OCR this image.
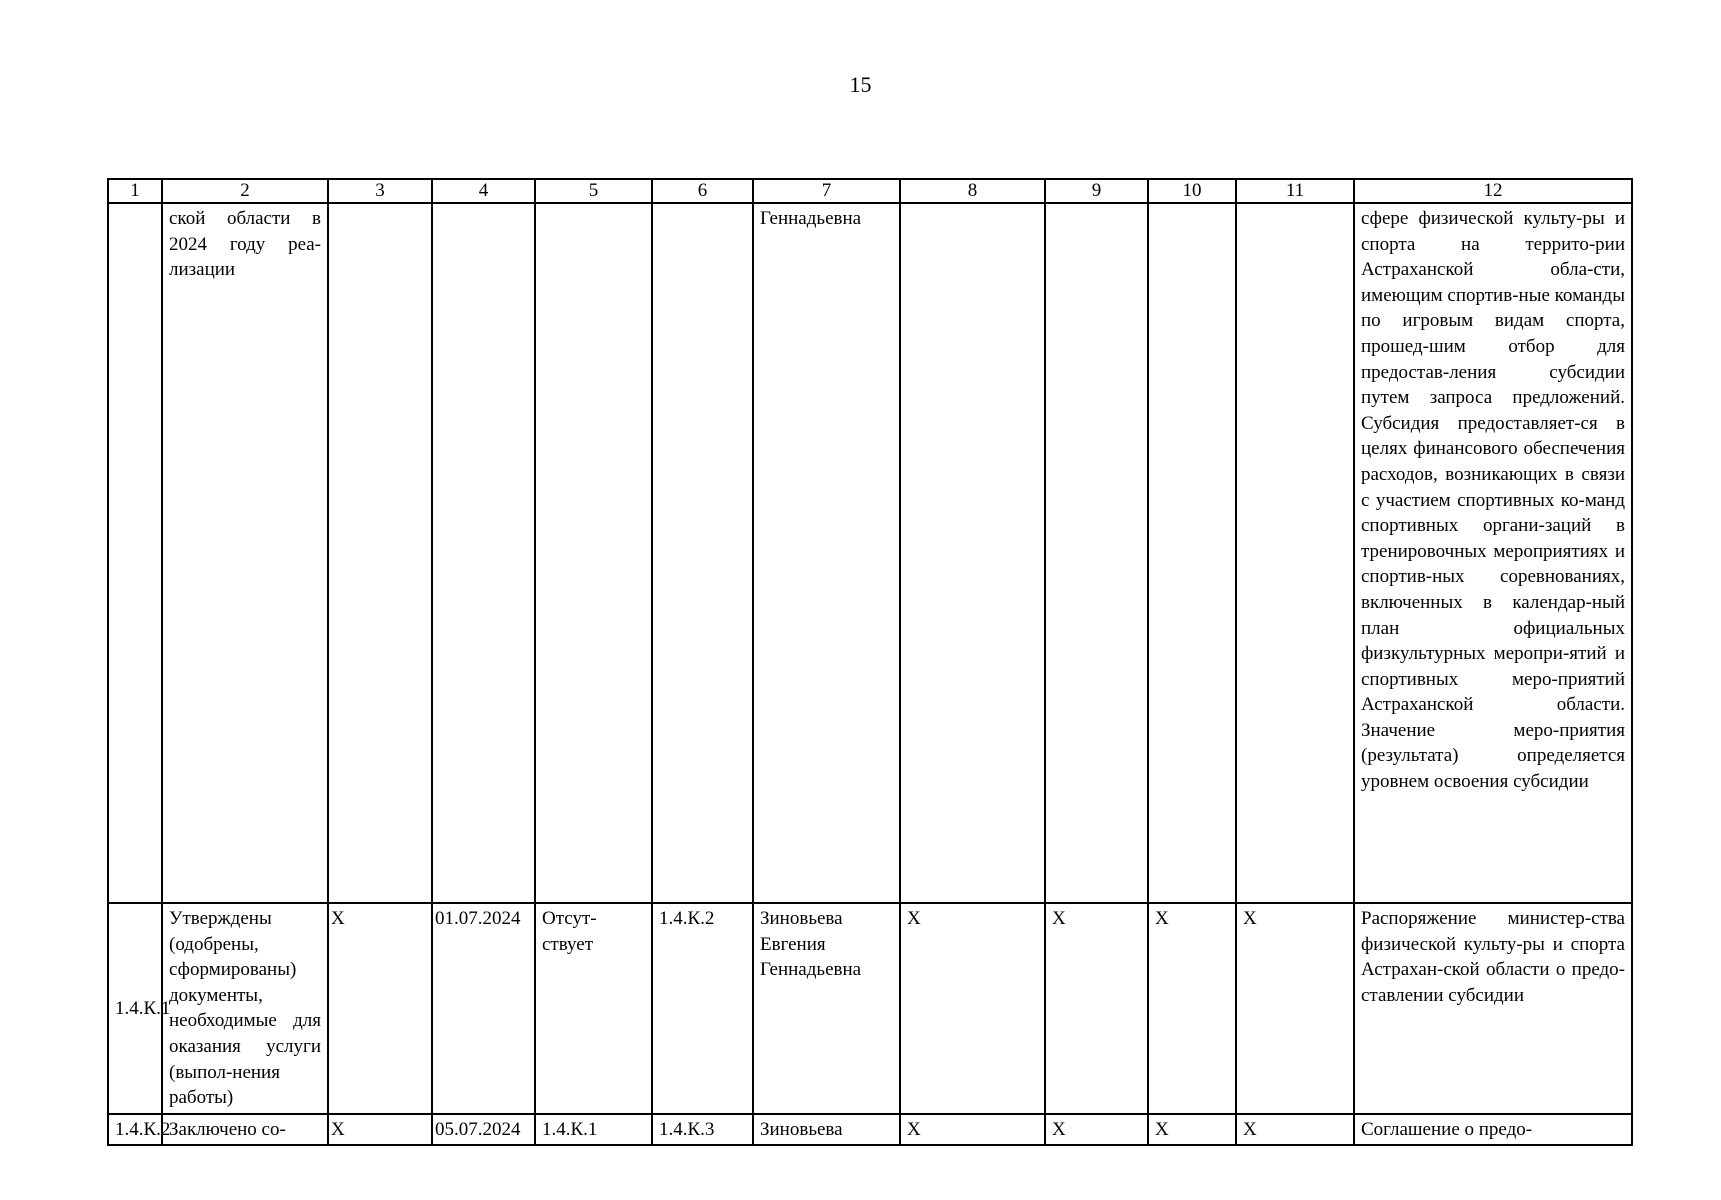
15
1	2	3	4	5	6	7	8	9	10	11	12
	ской области в 2024 году реа-лизации					Геннадьевна					сфере физической культу-ры и спорта на террито-рии Астраханской обла-сти, имеющим спортив-ные команды по игровым видам спорта, прошед-шим отбор для предостав-ления субсидии путем запроса предложений. Субсидия предоставляет-ся в целях финансового обеспечения расходов, возникающих в связи с участием спортивных ко-манд спортивных органи-заций в тренировочных мероприятиях и спортив-ных соревнованиях, включенных в календар-ный план официальных физкультурных меропри-ятий и спортивных меро-приятий Астраханской области. Значение меро-приятия (результата) определяется уровнем освоения субсидии
1.4.К.1	Утверждены (одобрены, сформированы) документы, необходимые для оказания услуги (выпол-нения работы)	X	01.07.2024	Отсут-ствует	1.4.К.2	Зиновьева Евгения Геннадьевна	X	X	X	X	Распоряжение министер-ства физической культу-ры и спорта Астрахан-ской области о предо-ставлении субсидии
1.4.К.2	Заключено со-	X	05.07.2024	1.4.К.1	1.4.К.3	Зиновьева	X	X	X	X	Соглашение о предо-
